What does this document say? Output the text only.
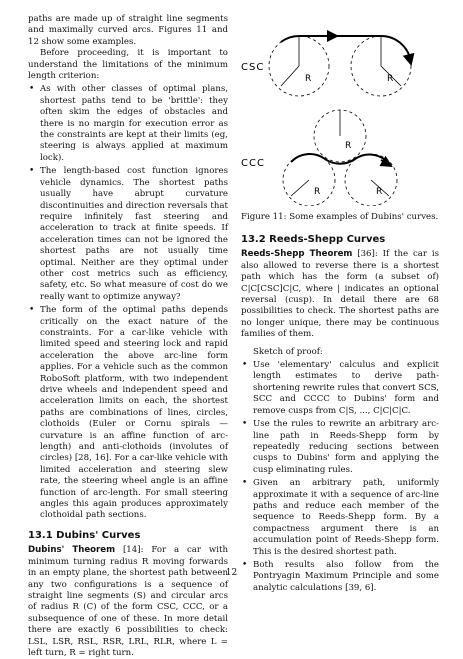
paths are made up of straight line segments and maximally curved arcs. Figures 11 and 12 show some examples.

Before proceeding, it is important to understand the limitations of the minimum length criterion:

• As with other classes of optimal plans, shortest paths tend to be 'brittle': they often skim the edges of obstacles and there is no margin for execution error as the constraints are kept at their limits (eg, steering is always applied at maximum lock).
• The length-based cost function ignores vehicle dynamics. The shortest paths usually have abrupt curvature discontinuities and direction reversals that require infinitely fast steering and acceleration to track at finite speeds. If acceleration times can not be ignored the shortest paths are not usually time optimal. Neither are they optimal under other cost metrics such as efficiency, safety, etc. So what measure of cost do we really want to optimize anyway?
• The form of the optimal paths depends critically on the exact nature of the constraints. For a car-like vehicle with limited speed and steering lock and rapid acceleration the above arc-line form applies. For a vehicle such as the common RoboSoft platform, with two independent drive wheels and independent speed and acceleration limits on each, the shortest paths are combinations of lines, circles, clothoids (Euler or Cornu spirals — curvature is an affine function of arc-length) and anti-clothoids (involutes of circles) [28, 16]. For a car-like vehicle with limited acceleration and steering slew rate, the steering wheel angle is an affine function of arc-length. For small steering angles this again produces approximately clothoidal path sections.
13.1 Dubins' Curves

Dubins' Theorem [14]: For a car with minimum turning radius R moving forwards in an empty plane, the shortest path between any two configurations is a sequence of straight line segments (S) and circular arcs of radius R (C) of the form CSC, CCC, or a subsequence of one of these. In more detail there are exactly 6 possibilities to check: LSL, LSR, RSL, RSR, LRL, RLR, where L = left turn, R = right turn.

R	R
R
R	R
CSC
CCC
Figure 11: Some examples of Dubins' curves.
13.2 Reeds-Shepp Curves

Reeds-Shepp Theorem [36]: If the car is also allowed to reverse there is a shortest path which has the form (a subset of) C|C[CSC]C|C, where | indicates an optional reversal (cusp). In detail there are 68 possibilities to check. The shortest paths are no longer unique, there may be continuous families of them.

Sketch of proof:

• Use 'elementary' calculus and explicit length estimates to derive path-shortening rewrite rules that convert SCS, SCC and CCCC to Dubins' form and remove cusps from C|S, ..., C|C|C|C.
• Use the rules to rewrite an arbitrary arc-line path in Reeds-Shepp form by repeatedly reducing sections between cusps to Dubins' form and applying the cusp eliminating rules.
• Given an arbitrary path, uniformly approximate it with a sequence of arc-line paths and reduce each member of the sequence to Reeds-Shepp form. By a compactness argument there is an accumulation point of Reeds-Shepp form. This is the desired shortest path.
• Both results also follow from the Pontryagin Maximum Principle and some analytic calculations [39, 6].
12
